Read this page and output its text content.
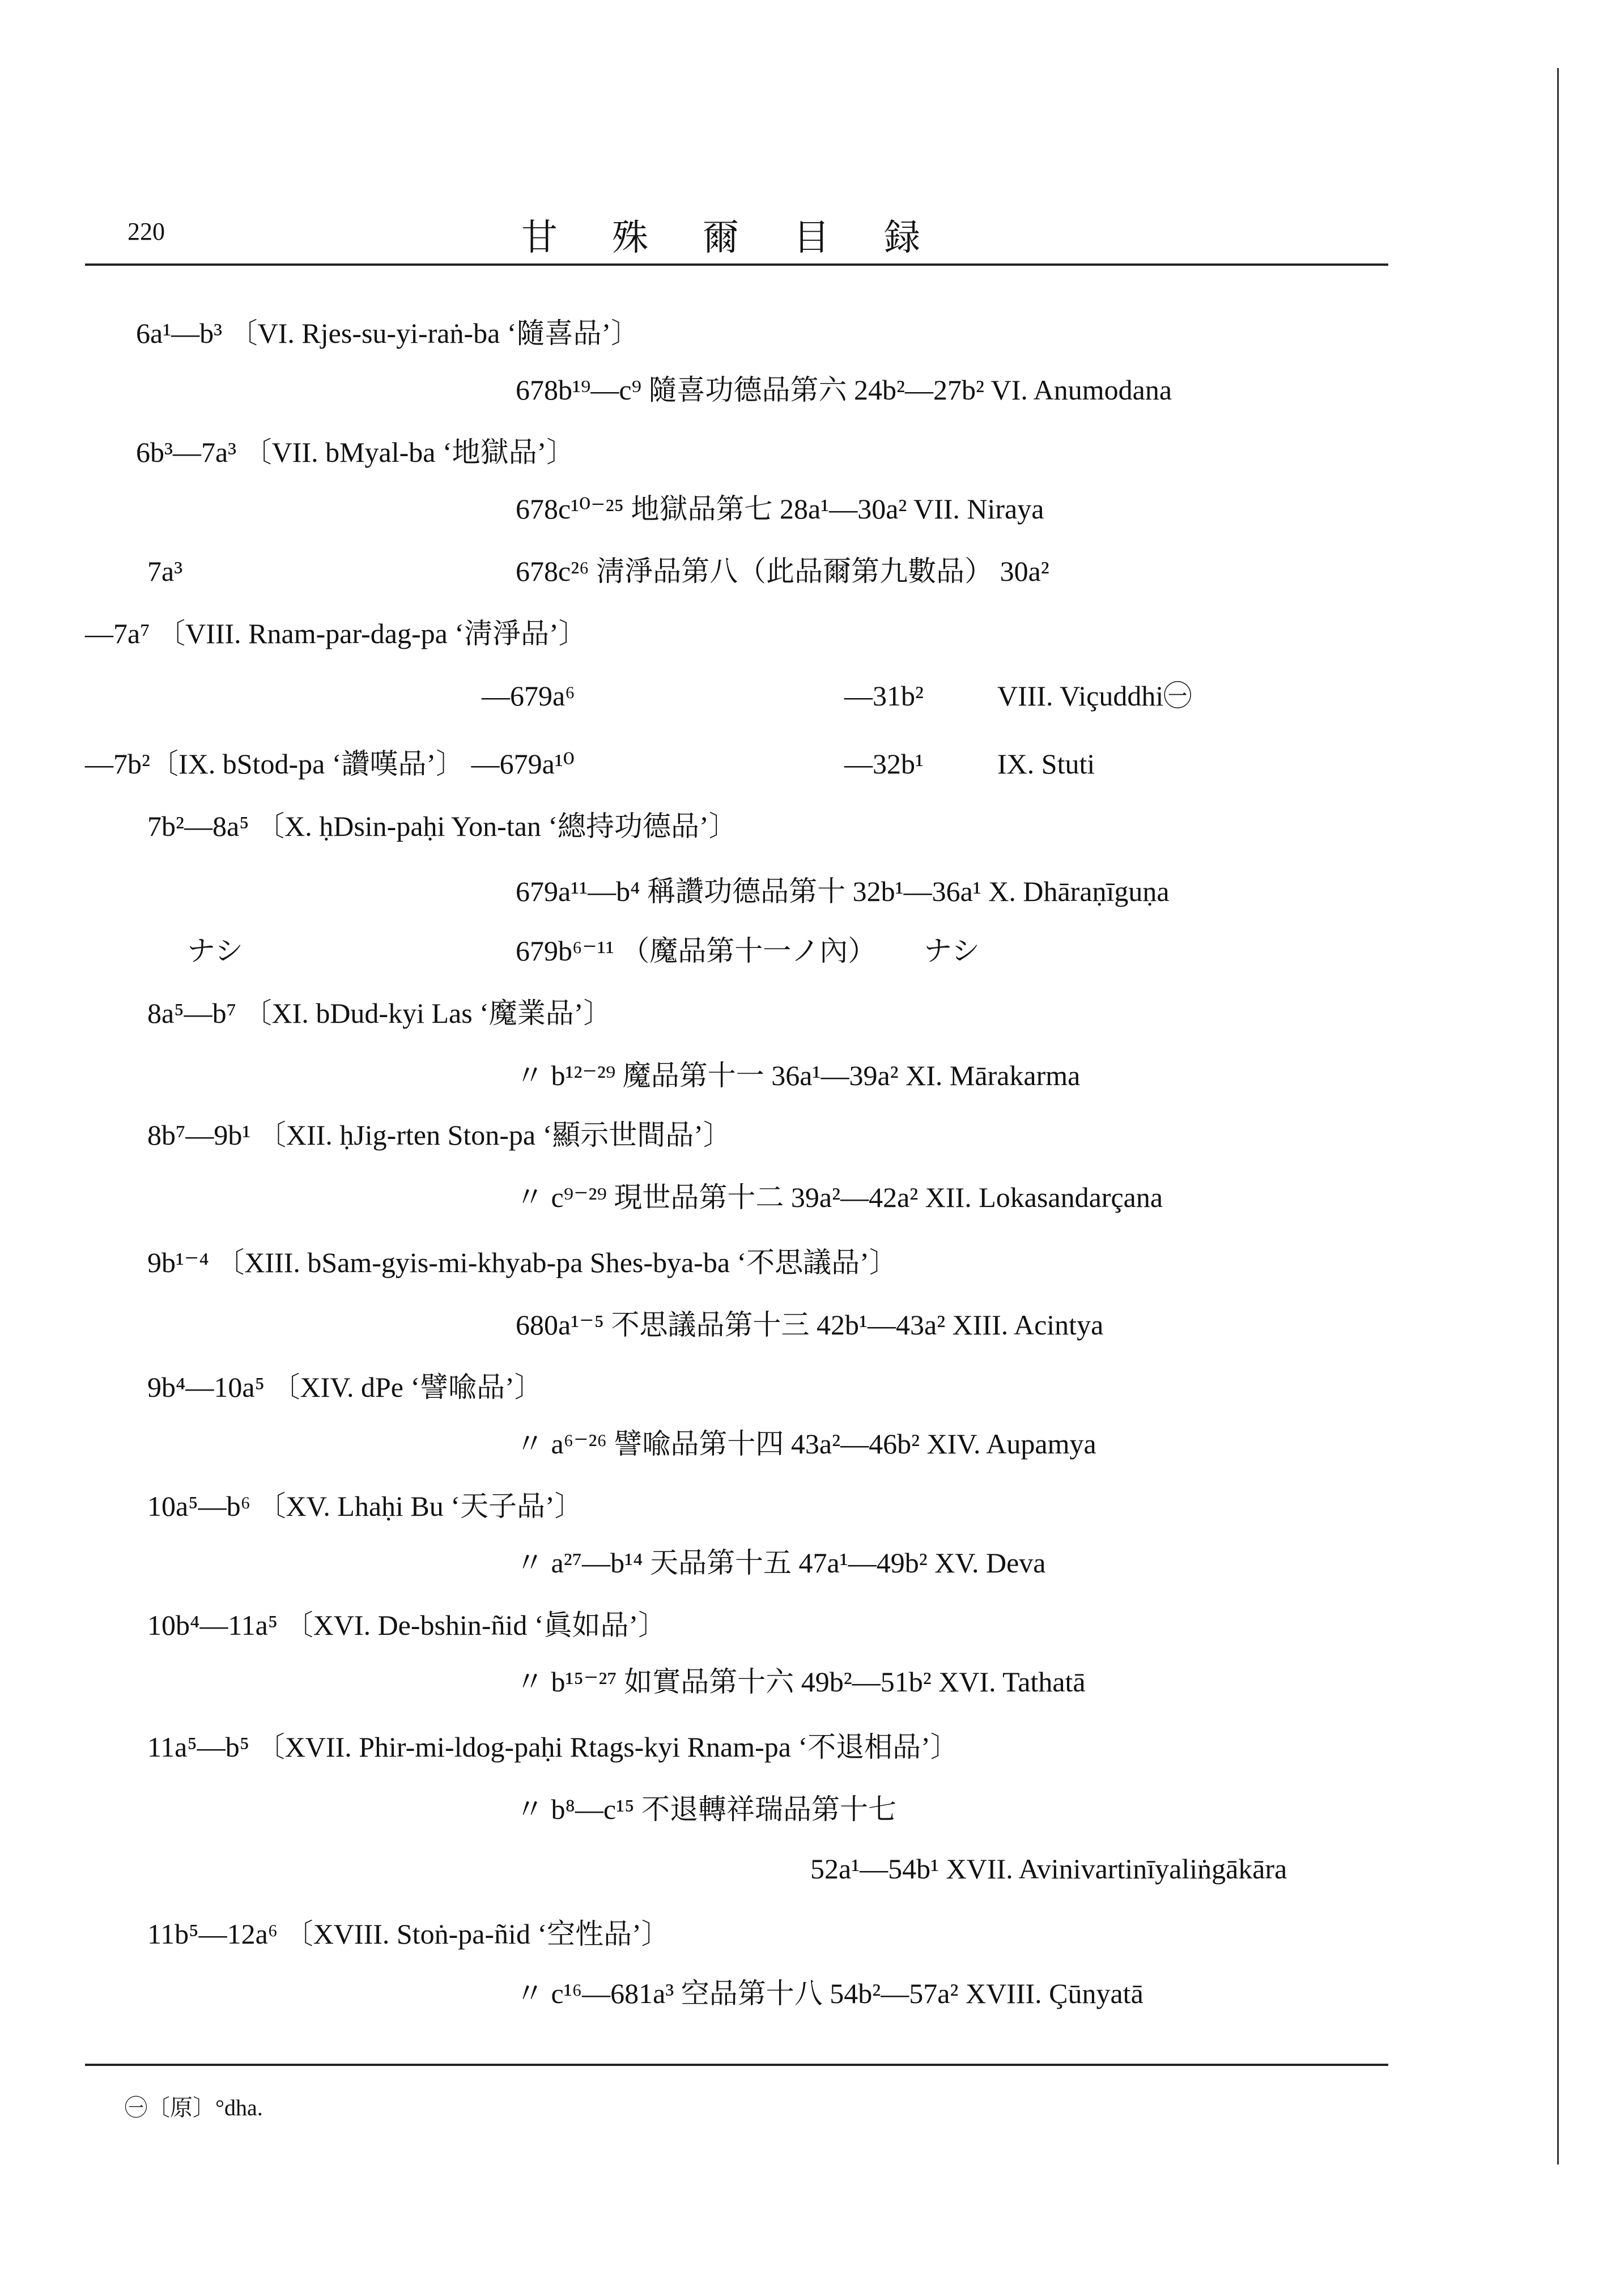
220	甘 殊 爾 目 録
6a¹—b³ 〔VI. Rjes-su-yi-raṅ-ba ‘隨喜品’〕
678b¹⁹—c⁹ 隨喜功德品第六 24b²—27b² VI. Anumodana
6b³—7a³ 〔VII. bMyal-ba ‘地獄品’〕
678c¹⁰⁻²⁵ 地獄品第七 28a¹—30a² VII. Niraya
7a³	678c²⁶ 淸淨品第八（此品爾第九數品） 30a²
—7a⁷ 〔VIII. Rnam-par-dag-pa ‘淸淨品’〕
—679a⁶	—31b²	VIII. Viçuddhi㊀
—7b²〔IX. bStod-pa ‘讚嘆品’〕 —679a¹⁰	—32b¹	IX. Stuti
7b²—8a⁵ 〔X. ḥDsin-paḥi Yon-tan ‘總持功德品’〕
679a¹¹—b⁴ 稱讚功德品第十 32b¹—36a¹ X. Dhāraṇīguṇa
ナシ	679b⁶⁻¹¹ （魔品第十一ノ內） ナシ
8a⁵—b⁷ 〔XI. bDud-kyi Las ‘魔業品’〕
〃 b¹²⁻²⁹ 魔品第十一 36a¹—39a² XI. Mārakarma
8b⁷—9b¹ 〔XII. ḥJig-rten Ston-pa ‘顯示世間品’〕
〃 c⁹⁻²⁹ 現世品第十二 39a²—42a² XII. Lokasandarçana
9b¹⁻⁴ 〔XIII. bSam-gyis-mi-khyab-pa Shes-bya-ba ‘不思議品’〕
680a¹⁻⁵ 不思議品第十三 42b¹—43a² XIII. Acintya
9b⁴—10a⁵ 〔XIV. dPe ‘譬喩品’〕
〃 a⁶⁻²⁶ 譬喩品第十四 43a²—46b² XIV. Aupamya
10a⁵—b⁶ 〔XV. Lhaḥi Bu ‘天子品’〕
〃 a²⁷—b¹⁴ 天品第十五 47a¹—49b² XV. Deva
10b⁴—11a⁵ 〔XVI. De-bshin-ñid ‘眞如品’〕
〃 b¹⁵⁻²⁷ 如實品第十六 49b²—51b² XVI. Tathatā
11a⁵—b⁵ 〔XVII. Phir-mi-ldog-paḥi Rtags-kyi Rnam-pa ‘不退相品’〕
〃 b⁸—c¹⁵ 不退轉祥瑞品第十七
52a¹—54b¹ XVII. Avinivartinīyaliṅgākāra
11b⁵—12a⁶ 〔XVIII. Stoṅ-pa-ñid ‘空性品’〕
〃 c¹⁶—681a³ 空品第十八 54b²—57a² XVIII. Çūnyatā
㊀〔原〕°dha.
